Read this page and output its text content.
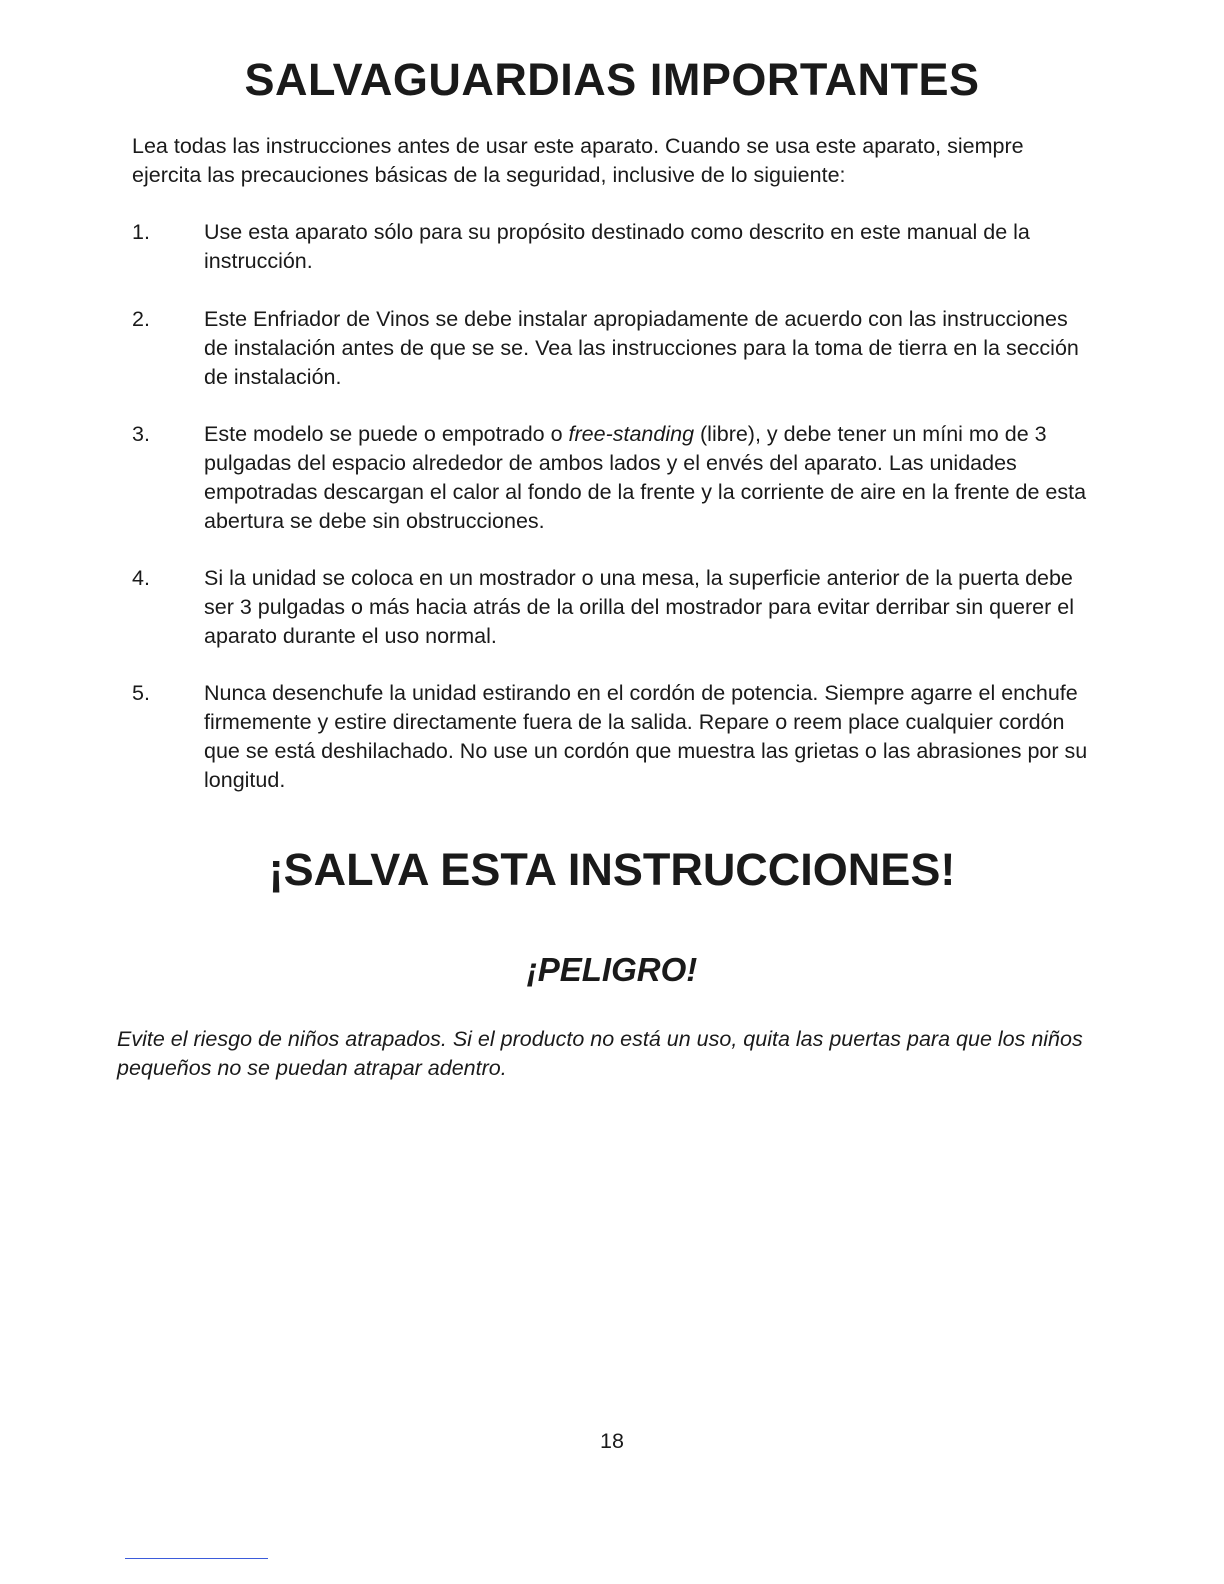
SALVAGUARDIAS IMPORTANTES

Lea todas las instrucciones antes de usar este aparato. Cuando se usa este aparato, siempre ejercita las precauciones básicas de la seguridad, inclusive de lo siguiente:

1.	Use esta aparato sólo para su propósito destinado como descrito en este manual de la instrucción.
2.	Este Enfriador de Vinos se debe instalar apropiadamente de acuerdo con las instrucciones de instalación antes de que se se. Vea las instrucciones para la toma de tierra en la sección de instalación.
3.	Este modelo se puede o empotrado o free-standing (libre), y debe tener un míni mo de 3 pulgadas del espacio alrededor de ambos lados y el envés del aparato. Las unidades empotradas descargan el calor al fondo de la frente y la corriente de aire en la frente de esta abertura se debe sin obstrucciones.
4.	Si la unidad se coloca en un mostrador o una mesa, la superficie anterior de la puerta debe ser 3 pulgadas o más hacia atrás de la orilla del mostrador para evitar derribar sin querer el aparato durante el uso normal.
5.	Nunca desenchufe la unidad estirando en el cordón de potencia. Siempre agarre el enchufe firmemente y estire directamente fuera de la salida. Repare o reem place cualquier cordón que se está deshilachado. No use un cordón que muestra las grietas o las abrasiones por su longitud.
¡SALVA ESTA INSTRUCCIONES!
¡PELIGRO!

Evite el riesgo de niños atrapados. Si el producto no está un uso, quita las puertas para que los niños pequeños no se puedan atrapar adentro.

18
